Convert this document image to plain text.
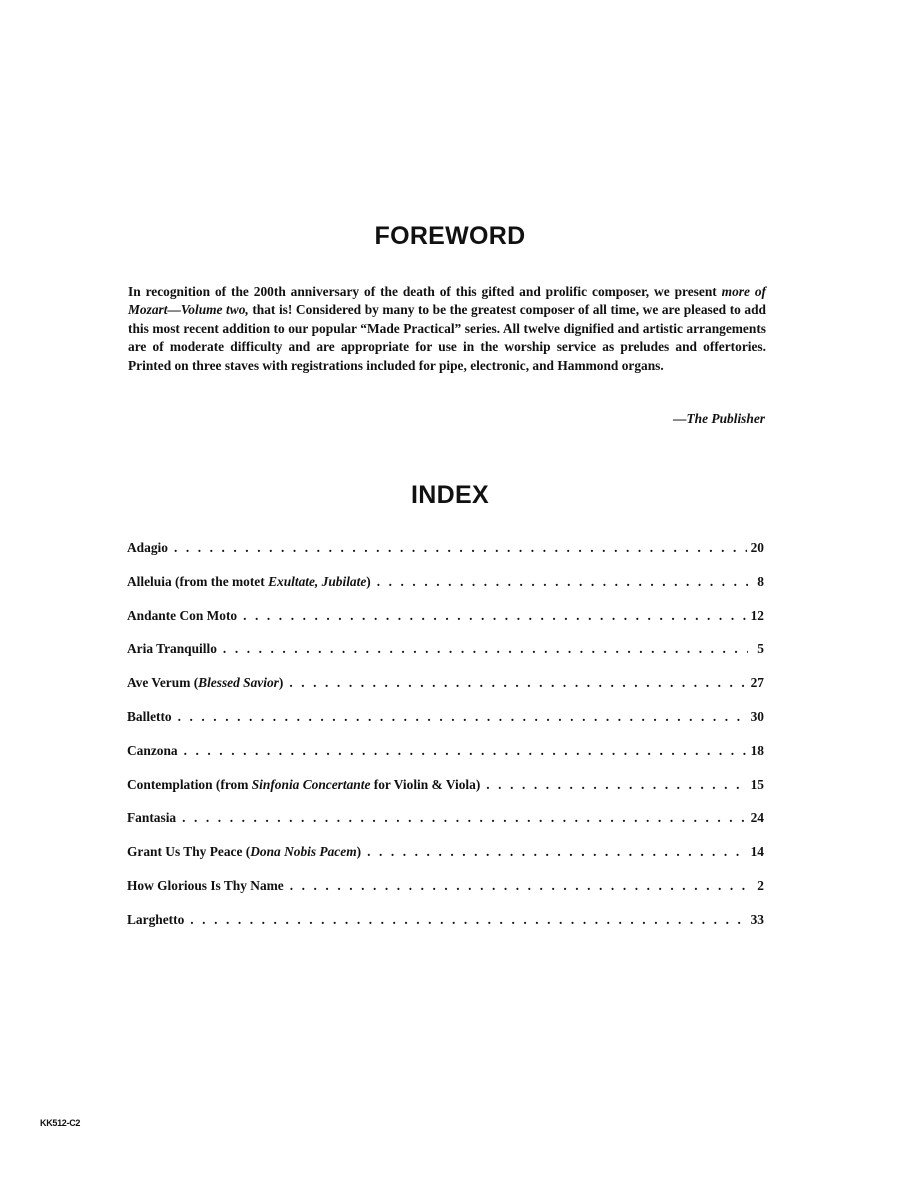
FOREWORD

In recognition of the 200th anniversary of the death of this gifted and prolific composer, we present more of Mozart—Volume two, that is! Considered by many to be the greatest composer of all time, we are pleased to add this most recent addition to our popular “Made Practical” series. All twelve dignified and artistic arrangements are of moderate difficulty and are appropriate for use in the worship service as preludes and offertories. Printed on three staves with registrations included for pipe, electronic, and Hammond organs.

—The Publisher
INDEX
Adagio . . .	20
Alleluia (from the motet Exultate, Jubilate) . . .	8
Andante Con Moto . . .	12
Aria Tranquillo . . .	5
Ave Verum (Blessed Savior) . . .	27
Balletto . . .	30
Canzona . . .	18
Contemplation (from Sinfonia Concertante for Violin & Viola) . . .	15
Fantasia . . .	24
Grant Us Thy Peace (Dona Nobis Pacem) . . .	14
How Glorious Is Thy Name . . .	2
Larghetto . . .	33
KK512-C2
